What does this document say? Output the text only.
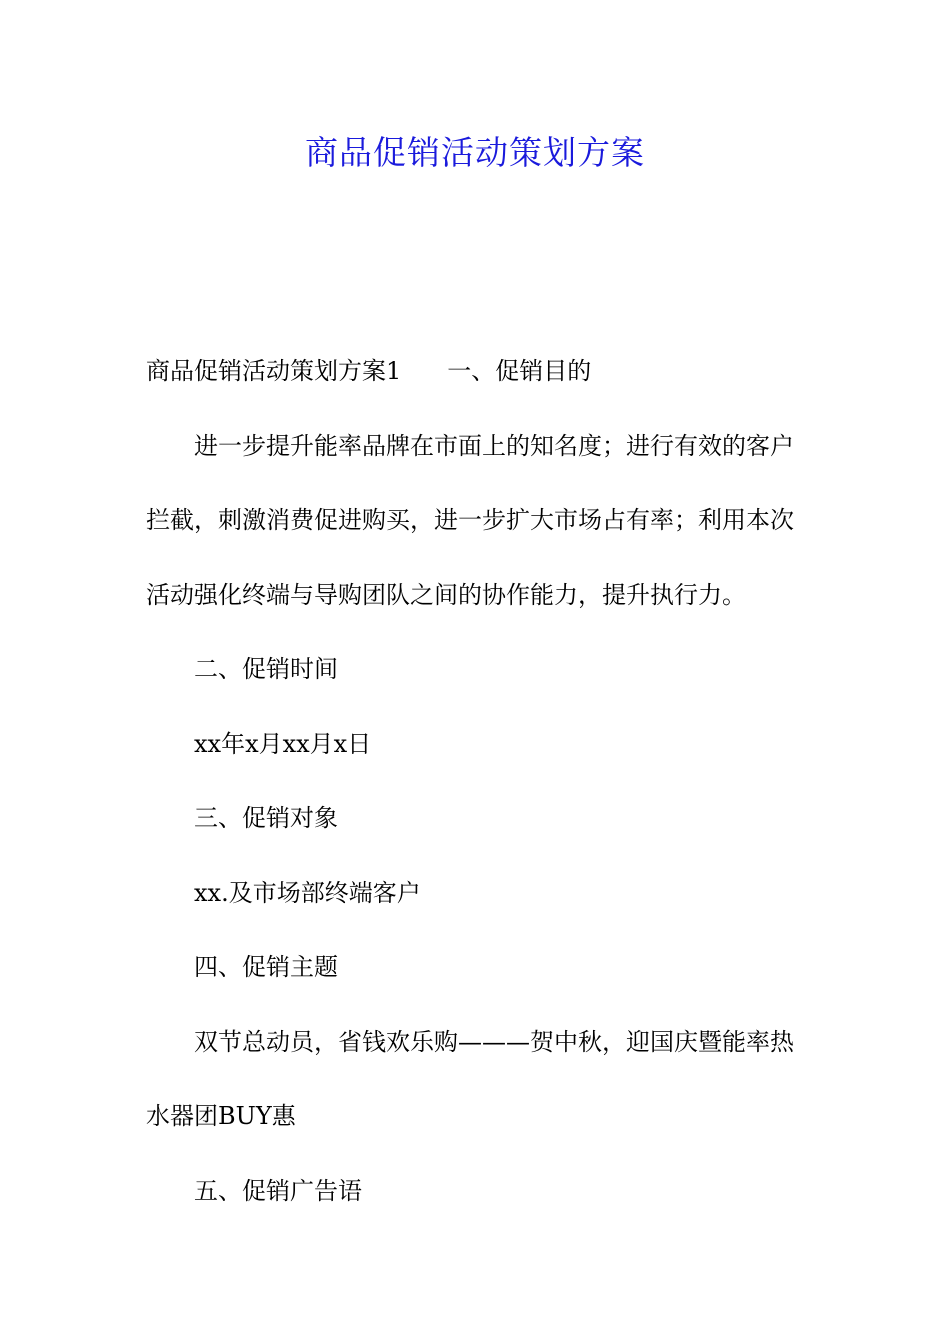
商品促销活动策划方案

商品促销活动策划方案1 一、促销目的

进一步提升能率品牌在市面上的知名度；进行有效的客户拦截，刺激消费促进购买，进一步扩大市场占有率；利用本次活动强化终端与导购团队之间的协作能力，提升执行力。

二、促销时间

xx年x月xx月x日

三、促销对象

xx.及市场部终端客户

四、促销主题

双节总动员，省钱欢乐购———贺中秋，迎国庆暨能率热水器团BUY惠

五、促销广告语
